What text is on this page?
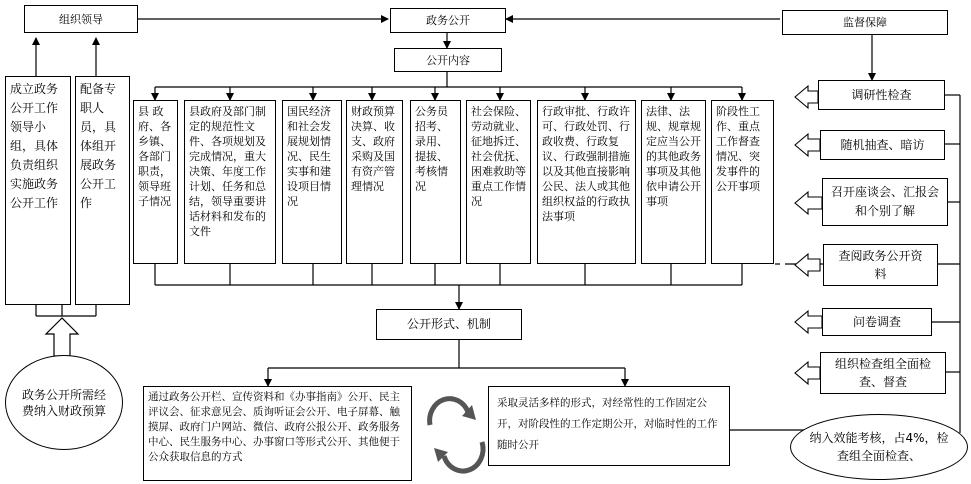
组织领导	政务公开	监督保障
成立政务公开工作领导小组，具体负责组织实施政务公开工作
配备专职人员，具体组开展政务公开工作
政务公开所需经费纳入财政预算
公开内容
县 政府、各乡镇、各部门职责，领导班子情况
县政府及部门制定的规范性文件、各项规划及完成情况，重大决策、年度工作计划、任务和总结，领导重要讲话材料和发布的文件
国民经济和社会发展规划情况、民生实事和建设项目情况
财政预算决算、收支、政府采购及国有资产管理情况
公务员招考、录用、提拔、考核情况
社会保险、劳动就业、征地拆迁、社会优抚、困难救助等重点工作情况
行政审批、行政许可、行政处罚、行政收费、行政复议、行政强制措施以及其他直接影响公民、法人或其他组织权益的行政执法事项
法律、法规、规章规定应当公开的其他政务事项及其他依申请公开事项
阶段性工作、重点工作督查情况、突发事件的公开事项
公开形式、机制
通过政务公开栏、宣传资料和《办事指南》公开、民主评议会、征求意见会、质询听证会公开、电子屏幕、触摸屏、政府门户网站、微信、政府公报公开、政务服务中心、民生服务中心、办事窗口等形式公开、其他便于公众获取信息的方式
采取灵活多样的形式，对经常性的工作固定公开，对阶段性的工作定期公开，对临时性的工作随时公开
调研性检查
随机抽查、暗访
召开座谈会、汇报会和个别了解
查阅政务公开资料
问卷调查
组织检查组全面检查、督查
纳入效能考核，占4%，检查组全面检查、
